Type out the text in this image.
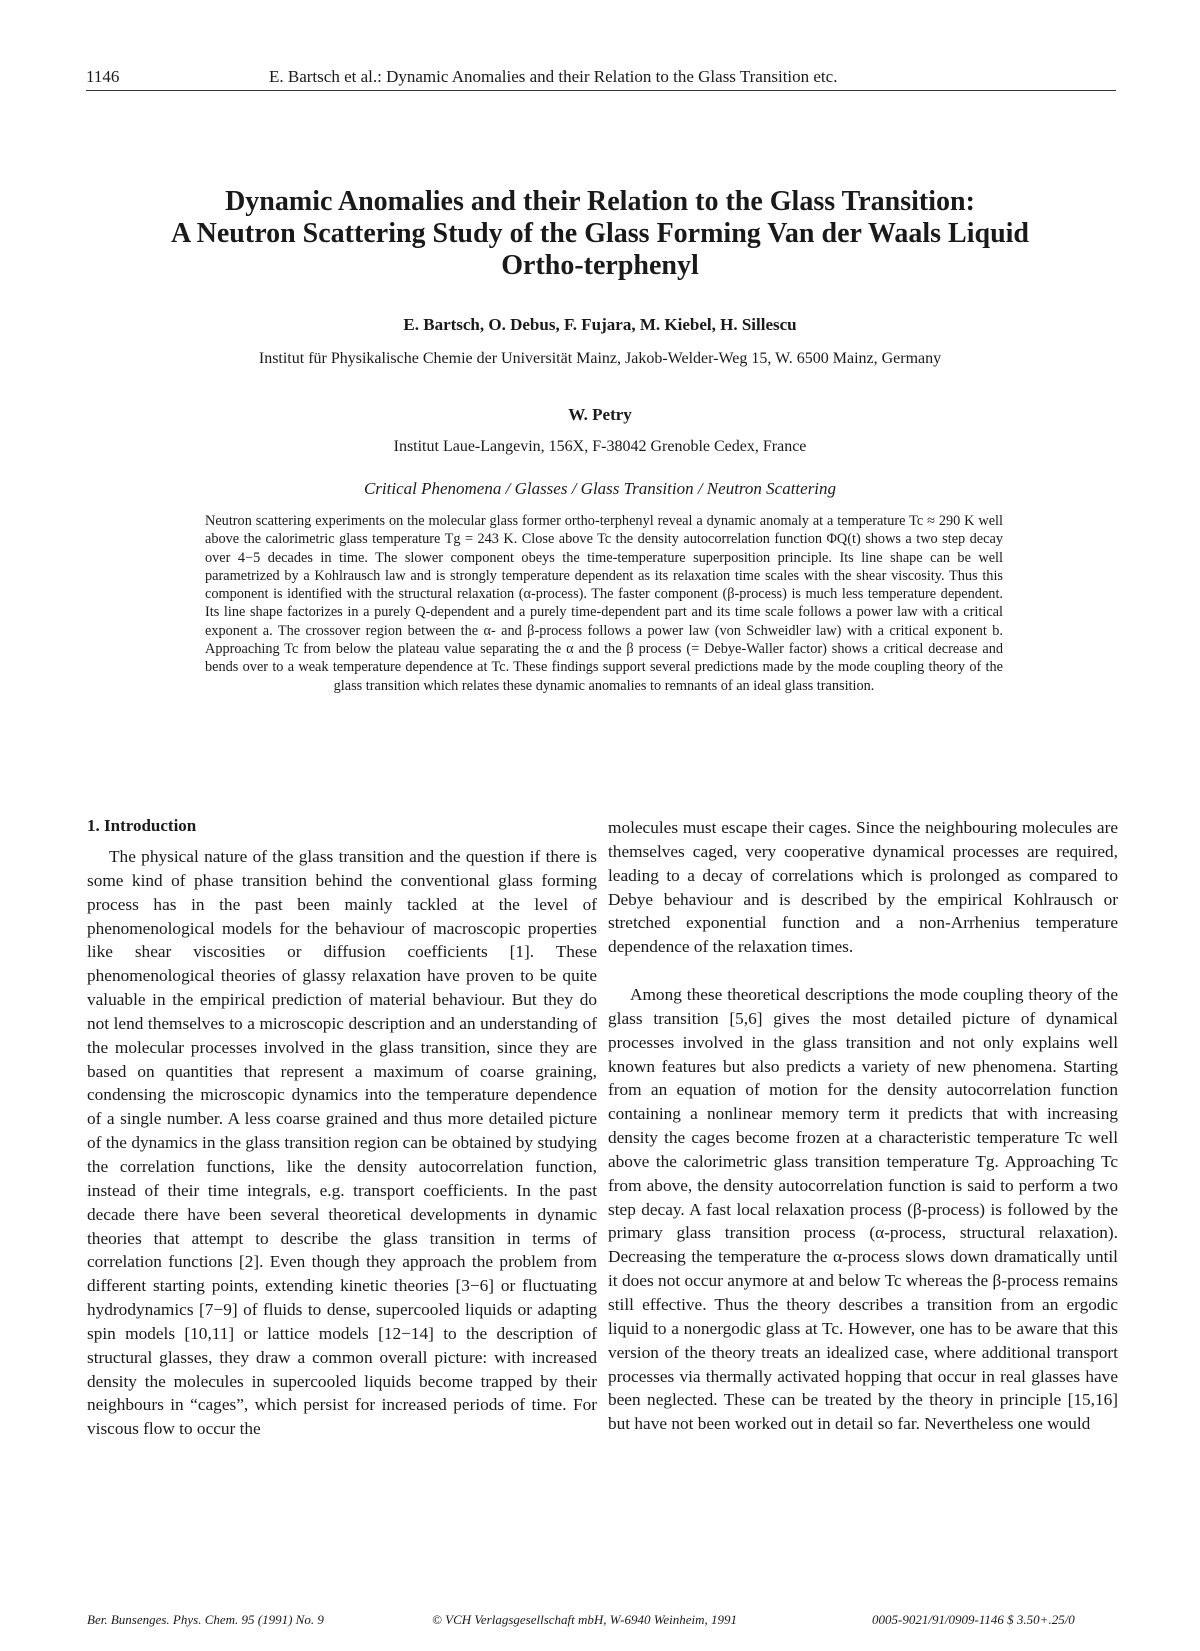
1146	E. Bartsch et al.: Dynamic Anomalies and their Relation to the Glass Transition etc.
Dynamic Anomalies and their Relation to the Glass Transition:
A Neutron Scattering Study of the Glass Forming Van der Waals Liquid
Ortho-terphenyl

E. Bartsch, O. Debus, F. Fujara, M. Kiebel, H. Sillescu

Institut für Physikalische Chemie der Universität Mainz, Jakob-Welder-Weg 15, W. 6500 Mainz, Germany

W. Petry

Institut Laue-Langevin, 156X, F-38042 Grenoble Cedex, France

Critical Phenomena / Glasses / Glass Transition / Neutron Scattering

Neutron scattering experiments on the molecular glass former ortho-terphenyl reveal a dynamic anomaly at a temperature Tc ≈ 290 K well above the calorimetric glass temperature Tg = 243 K. Close above Tc the density autocorrelation function ΦQ(t) shows a two step decay over 4−5 decades in time. The slower component obeys the time-temperature superposition principle. Its line shape can be well parametrized by a Kohlrausch law and is strongly temperature dependent as its relaxation time scales with the shear viscosity. Thus this component is identified with the structural relaxation (α-process). The faster component (β-process) is much less temperature dependent. Its line shape factorizes in a purely Q-dependent and a purely time-dependent part and its time scale follows a power law with a critical exponent a. The crossover region between the α- and β-process follows a power law (von Schweidler law) with a critical exponent b. Approaching Tc from below the plateau value separating the α and the β process (= Debye-Waller factor) shows a critical decrease and bends over to a weak temperature dependence at Tc. These findings support several predictions made by the mode coupling theory of the glass transition which relates these dynamic anomalies to remnants of an ideal glass transition.

1. Introduction

The physical nature of the glass transition and the question if there is some kind of phase transition behind the conventional glass forming process has in the past been mainly tackled at the level of phenomenological models for the behaviour of macroscopic properties like shear viscosities or diffusion coefficients [1]. These phenomenological theories of glassy relaxation have proven to be quite valuable in the empirical prediction of material behaviour. But they do not lend themselves to a microscopic description and an understanding of the molecular processes involved in the glass transition, since they are based on quantities that represent a maximum of coarse graining, condensing the microscopic dynamics into the temperature dependence of a single number. A less coarse grained and thus more detailed picture of the dynamics in the glass transition region can be obtained by studying the correlation functions, like the density autocorrelation function, instead of their time integrals, e.g. transport coefficients. In the past decade there have been several theoretical developments in dynamic theories that attempt to describe the glass transition in terms of correlation functions [2]. Even though they approach the problem from different starting points, extending kinetic theories [3−6] or fluctuating hydrodynamics [7−9] of fluids to dense, supercooled liquids or adapting spin models [10,11] or lattice models [12−14] to the description of structural glasses, they draw a common overall picture: with increased density the molecules in supercooled liquids become trapped by their neighbours in “cages”, which persist for increased periods of time. For viscous flow to occur the

molecules must escape their cages. Since the neighbouring molecules are themselves caged, very cooperative dynamical processes are required, leading to a decay of correlations which is prolonged as compared to Debye behaviour and is described by the empirical Kohlrausch or stretched exponential function and a non-Arrhenius temperature dependence of the relaxation times.

Among these theoretical descriptions the mode coupling theory of the glass transition [5,6] gives the most detailed picture of dynamical processes involved in the glass transition and not only explains well known features but also predicts a variety of new phenomena. Starting from an equation of motion for the density autocorrelation function containing a nonlinear memory term it predicts that with increasing density the cages become frozen at a characteristic temperature Tc well above the calorimetric glass transition temperature Tg. Approaching Tc from above, the density autocorrelation function is said to perform a two step decay. A fast local relaxation process (β-process) is followed by the primary glass transition process (α-process, structural relaxation). Decreasing the temperature the α-process slows down dramatically until it does not occur anymore at and below Tc whereas the β-process remains still effective. Thus the theory describes a transition from an ergodic liquid to a nonergodic glass at Tc. However, one has to be aware that this version of the theory treats an idealized case, where additional transport processes via thermally activated hopping that occur in real glasses have been neglected. These can be treated by the theory in principle [15,16] but have not been worked out in detail so far. Nevertheless one would

Ber. Bunsenges. Phys. Chem. 95 (1991) No. 9	© VCH Verlagsgesellschaft mbH, W-6940 Weinheim, 1991	0005-9021/91/0909-1146 $ 3.50+.25/0
